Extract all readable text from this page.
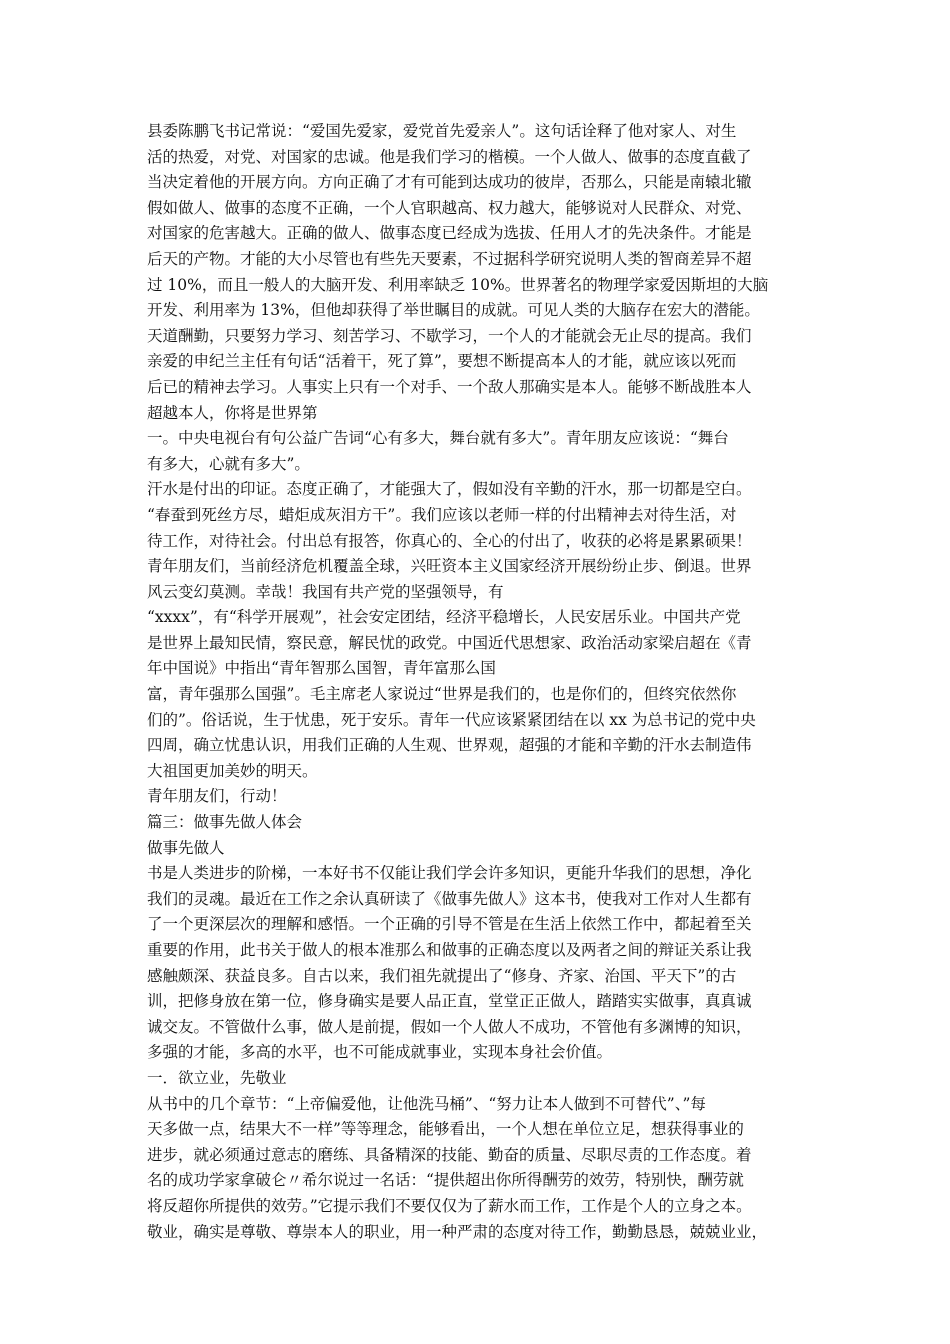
县委陈鹏飞书记常说：“爱国先爱家，爱党首先爱亲人”。这句话诠释了他对家人、对生
活的热爱，对党、对国家的忠诚。他是我们学习的楷模。一个人做人、做事的态度直截了
当决定着他的开展方向。方向正确了才有可能到达成功的彼岸，否那么，只能是南辕北辙
假如做人、做事的态度不正确，一个人官职越高、权力越大，能够说对人民群众、对党、
对国家的危害越大。正确的做人、做事态度已经成为选拔、任用人才的先决条件。才能是
后天的产物。才能的大小尽管也有些先天要素，不过据科学研究说明人类的智商差异不超
过 10%，而且一般人的大脑开发、利用率缺乏 10%。世界著名的物理学家爱因斯坦的大脑
开发、利用率为 13%，但他却获得了举世瞩目的成就。可见人类的大脑存在宏大的潜能。
天道酬勤，只要努力学习、刻苦学习、不歇学习，一个人的才能就会无止尽的提高。我们
亲爱的申纪兰主任有句话“活着干，死了算”，要想不断提高本人的才能，就应该以死而
后已的精神去学习。人事实上只有一个对手、一个敌人那确实是本人。能够不断战胜本人
超越本人，你将是世界第
一。中央电视台有句公益广告词“心有多大，舞台就有多大”。青年朋友应该说：“舞台
有多大，心就有多大”。
汗水是付出的印证。态度正确了，才能强大了，假如没有辛勤的汗水，那一切都是空白。
“春蚕到死丝方尽，蜡炬成灰泪方干”。我们应该以老师一样的付出精神去对待生活，对
待工作，对待社会。付出总有报答，你真心的、全心的付出了，收获的必将是累累硕果！
青年朋友们，当前经济危机覆盖全球，兴旺资本主义国家经济开展纷纷止步、倒退。世界
风云变幻莫测。幸哉！我国有共产党的坚强领导，有
“xxxx”，有“科学开展观”，社会安定团结，经济平稳增长，人民安居乐业。中国共产党
是世界上最知民情，察民意，解民忧的政党。中国近代思想家、政治活动家梁启超在《青
年中国说》中指出“青年智那么国智，青年富那么国
富，青年强那么国强”。毛主席老人家说过“世界是我们的，也是你们的，但终究依然你
们的”。俗话说，生于忧患，死于安乐。青年一代应该紧紧团结在以 xx 为总书记的党中央
四周，确立忧患认识，用我们正确的人生观、世界观，超强的才能和辛勤的汗水去制造伟
大祖国更加美妙的明天。
青年朋友们，行动！
篇三：做事先做人体会
做事先做人
书是人类进步的阶梯，一本好书不仅能让我们学会许多知识，更能升华我们的思想，净化
我们的灵魂。最近在工作之余认真研读了《做事先做人》这本书，使我对工作对人生都有
了一个更深层次的理解和感悟。一个正确的引导不管是在生活上依然工作中，都起着至关
重要的作用，此书关于做人的根本准那么和做事的正确态度以及两者之间的辩证关系让我
感触颇深、获益良多。自古以来，我们祖先就提出了“修身、齐家、治国、平天下”的古
训，把修身放在第一位，修身确实是要人品正直，堂堂正正做人，踏踏实实做事，真真诚
诚交友。不管做什么事，做人是前提，假如一个人做人不成功，不管他有多渊博的知识，
多强的才能，多高的水平，也不可能成就事业，实现本身社会价值。
一．欲立业，先敬业
从书中的几个章节：“上帝偏爱他，让他洗马桶”、“努力让本人做到不可替代”、”每
天多做一点，结果大不一样”等等理念，能够看出，一个人想在单位立足，想获得事业的
进步，就必须通过意志的磨练、具备精深的技能、勤奋的质量、尽职尽责的工作态度。着
名的成功学家拿破仑〃希尔说过一名话：“提供超出你所得酬劳的效劳，特别快，酬劳就
将反超你所提供的效劳。”它提示我们不要仅仅为了薪水而工作，工作是个人的立身之本。
敬业，确实是尊敬、尊崇本人的职业，用一种严肃的态度对待工作，勤勤恳恳，兢兢业业，
